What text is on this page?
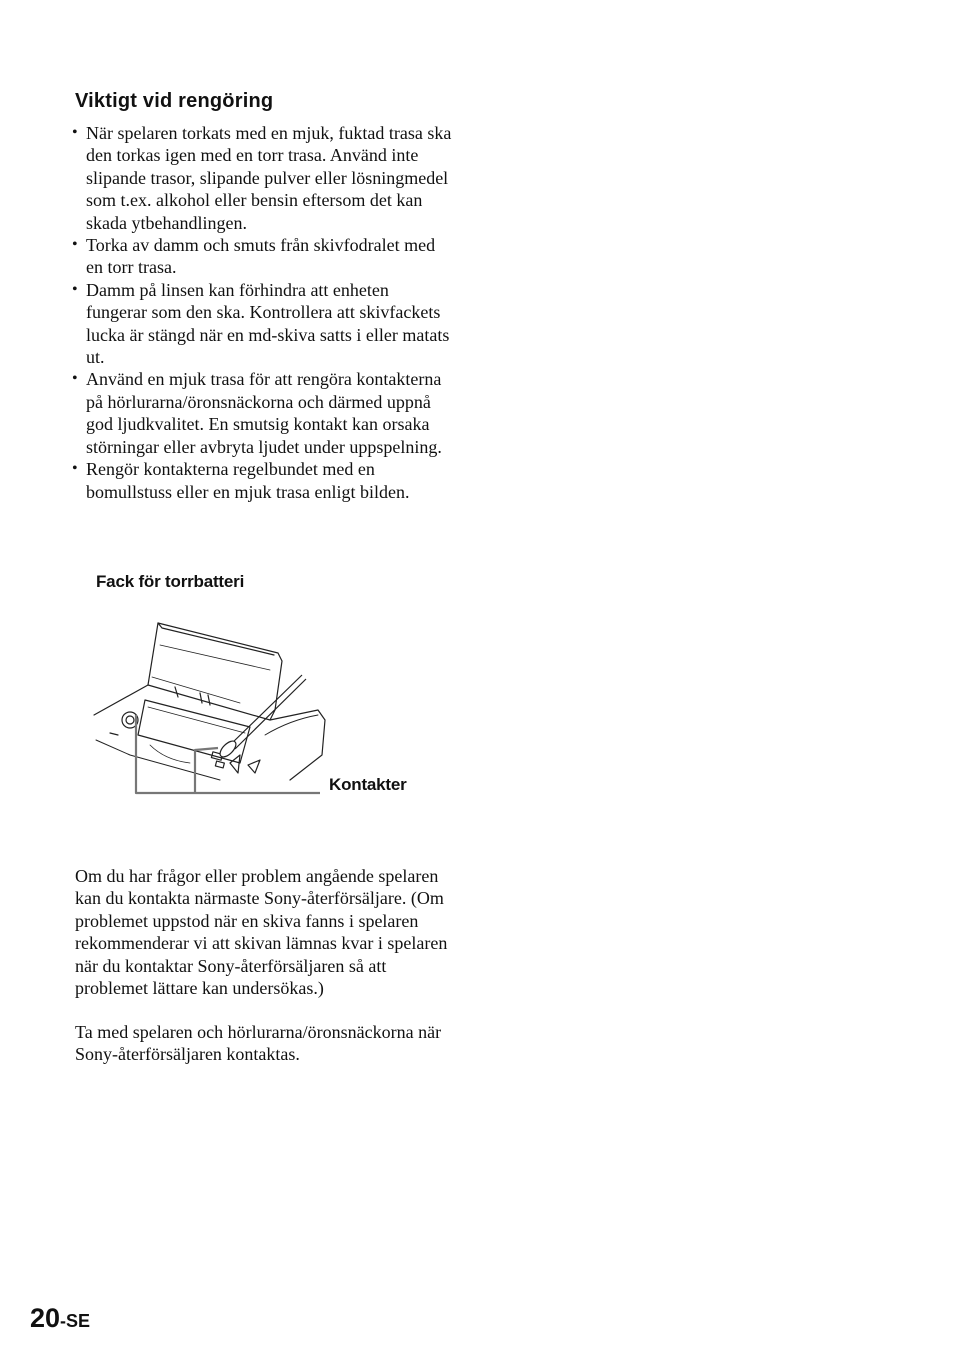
Viktigt vid rengöring
• När spelaren torkats med en mjuk, fuktad trasa ska den torkas igen med en torr trasa. Använd inte slipande trasor, slipande pulver eller lösningmedel som t.ex. alkohol eller bensin eftersom det kan skada ytbehandlingen.
• Torka av damm och smuts från skivfodralet med en torr trasa.
• Damm på linsen kan förhindra att enheten fungerar som den ska. Kontrollera att skivfackets lucka är stängd när en md-skiva satts i eller matats ut.
• Använd en mjuk trasa för att rengöra kontakterna på hörlurarna/öronsnäckorna och därmed uppnå god ljudkvalitet. En smutsig kontakt kan orsaka störningar eller avbryta ljudet under uppspelning.
• Rengör kontakterna regelbundet med en bomullstuss eller en mjuk trasa enligt bilden.
Fack för torrbatteri
Kontakter

Om du har frågor eller problem angående spelaren kan du kontakta närmaste Sony-återförsäljare. (Om problemet uppstod när en skiva fanns i spelaren rekommenderar vi att skivan lämnas kvar i spelaren när du kontaktar Sony-återförsäljaren så att problemet lättare kan undersökas.)

Ta med spelaren och hörlurarna/öronsnäckorna när Sony-återförsäljaren kontaktas.

20-SE
